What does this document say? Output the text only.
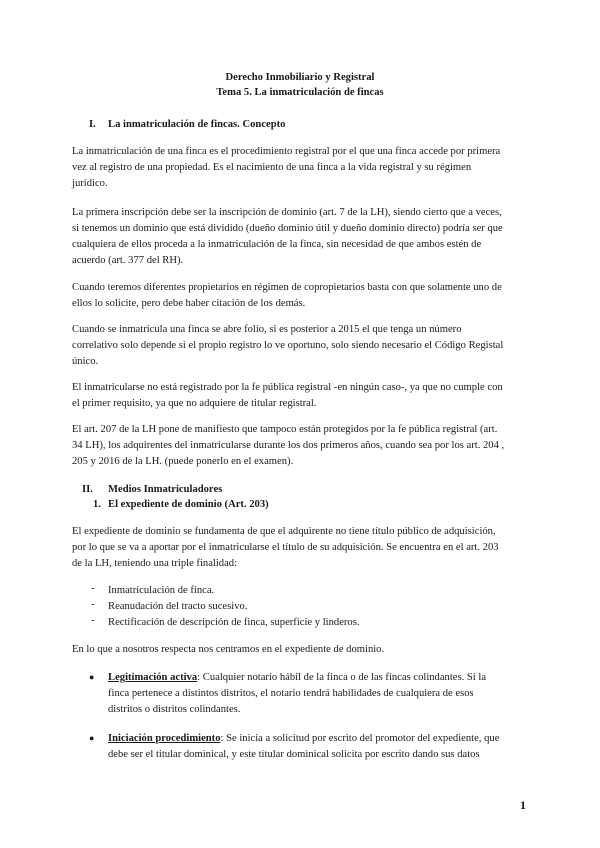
Derecho Inmobiliario y Registral

Tema 5. La inmatriculación de fincas

I. La inmatriculación de fincas. Concepto

La inmatriculación de una finca es el procedimiento registral por el que una finca accede por primera

vez al registro de una propiedad. Es el nacimiento de una finca a la vida registral y su régimen

jurídico.

La primera inscripción debe ser la inscripción de dominio (art. 7 de la LH), siendo cierto que a veces,

si tenemos un dominio que está dividido (dueño dominio útil y dueño dominio directo) podría ser que

cualquiera de ellos proceda a la inmatriculación de la finca, sin necesidad de que ambos estén de

acuerdo (art. 377 del RH).

Cuando teremos diferentes propietarios en régimen de copropietarios basta con que solamente uno de

ellos lo solicite, pero debe haber citación de los demás.

Cuando se inmatricula una finca se abre folio, si es posterior a 2015 el que tenga un número

correlativo solo depende si el propio registro lo ve oportuno, solo siendo necesario el Código Registal

único.

El inmatricularse no está registrado por la fe pública registral -en ningún caso-, ya que no cumple con

el primer requisito, ya que no adquiere de titular registral.

El art. 207 de la LH pone de manifiesto que tampoco están protegidos por la fe pública registral (art.

34 LH), los adquirentes del inmatricularse durante los dos primeros años, cuando sea por los art. 204 ,

205 y 2016 de la LH. (puede ponerlo en el examen).

II. Medios Inmatriculadores
1. El expediente de dominio (Art. 203)

El expediente de dominio se fundamenta de que el adquirente no tiene título público de adquisición,

por lo que se va a aportar por el inmatricularse el título de su adquisición. Se encuentra en el art. 203

de la LH, teniendo una triple finalidad:

- Inmatriculación de finca.

- Reanudación del tracto sucesivo.

- Rectificación de descripción de finca, superficie y linderos.

En lo que a nosotros respecta nos centramos en el expediente de dominio.

● Legitimación activa: Cualquier notario hábil de la finca o de las fincas colindantes. Si la

finca pertenece a distintos distritos, el notario tendrá habilidades de cualquiera de esos

distritos o distritos colindantes.

● Iniciación procedimiento: Se inicia a solicitud por escrito del promotor del expediente, que

debe ser el titular dominical, y este titular dominical solicita por escrito dando sus datos

1
